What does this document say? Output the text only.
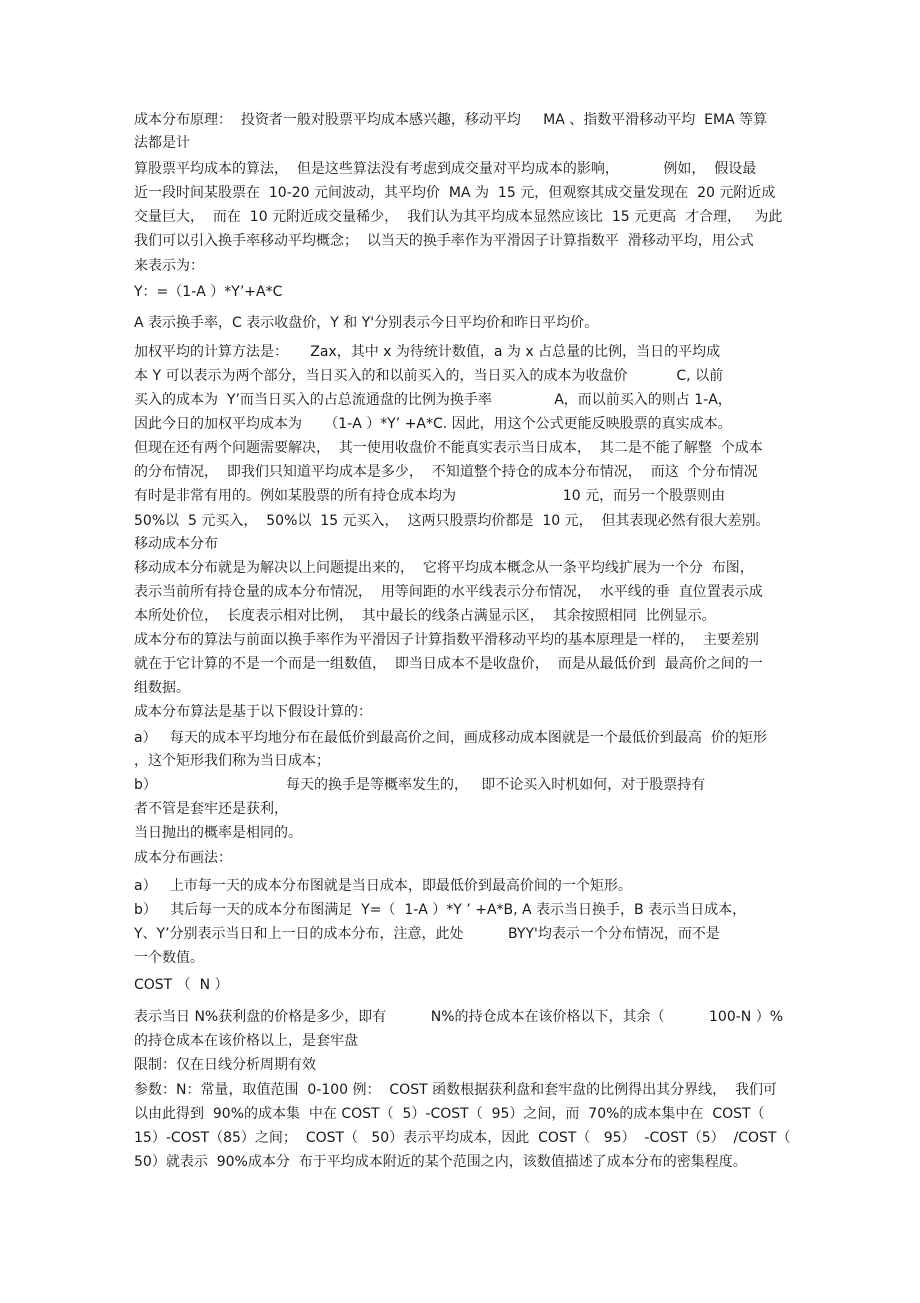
成本分布原理：  投资者一般对股票平均成本感兴趣，移动平均     MA 、指数平滑移动平均  EMA 等算
法都是计
算股票平均成本的算法，  但是这些算法没有考虑到成交量对平均成本的影响，          例如，  假设最
近一段时间某股票在  10-20 元间波动，其平均价  MA 为  15 元，但观察其成交量发现在  20 元附近成
交量巨大，  而在  10 元附近成交量稀少，  我们认为其平均成本显然应该比  15 元更高  才合理，   为此
我们可以引入换手率移动平均概念；  以当天的换手率作为平滑因子计算指数平  滑移动平均，用公式
来表示为：
Y：=（1-A ）*Y’+A*C
A 表示换手率，C 表示收盘价，Y 和 Y'分别表示今日平均价和昨日平均价。
加权平均的计算方法是：     Zax，其中 x 为待统计数值，a 为 x 占总量的比例，当日的平均成
本 Y 可以表示为两个部分，当日买入的和以前买入的，当日买入的成本为收盘价           C, 以前
买入的成本为  Y’而当日买入的占总流通盘的比例为换手率              A，而以前买入的则占 1-A，
因此今日的加权平均成本为     （1-A ）*Y’ +A*C. 因此，用这个公式更能反映股票的真实成本。
但现在还有两个问题需要解决，  其一使用收盘价不能真实表示当日成本，  其二是不能了解整  个成本
的分布情况，  即我们只知道平均成本是多少，  不知道整个持仓的成本分布情况，  而这  个分布情况
有时是非常有用的。例如某股票的所有持仓成本均为                        10 元，而另一个股票则由
50%以  5 元买入，  50%以  15 元买入，  这两只股票均价都是  10 元，  但其表现必然有很大差别。
移动成本分布
移动成本分布就是为解决以上问题提出来的，  它将平均成本概念从一条平均线扩展为一个分  布图，
表示当前所有持仓量的成本分布情况，  用等间距的水平线表示分布情况，  水平线的垂  直位置表示成
本所处价位，  长度表示相对比例，  其中最长的线条占满显示区，  其余按照相同  比例显示。
成本分布的算法与前面以换手率作为平滑因子计算指数平滑移动平均的基本原理是一样的，  主要差别
就在于它计算的不是一个而是一组数值，  即当日成本不是收盘价，  而是从最低价到  最高价之间的一
组数据。
成本分布算法是基于以下假设计算的：
a）   每天的成本平均地分布在最低价到最高价之间，画成移动成本图就是一个最低价到最高  价的矩形
，这个矩形我们称为当日成本；
b）                             每天的换手是等概率发生的，   即不论买入时机如何，对于股票持有
者不管是套牢还是获利，
当日抛出的概率是相同的。
成本分布画法：
a）   上市每一天的成本分布图就是当日成本，即最低价到最高价间的一个矩形。
b）   其后每一天的成本分布图满足  Y=（  1-A ）*Y ’ +A*B, A 表示当日换手，B 表示当日成本，
Y、Y’分别表示当日和上一日的成本分布，注意，此处          BYY'均表示一个分布情况，而不是
一个数值。
COST （  N ）
表示当日 N%获利盘的价格是多少，即有          N%的持仓成本在该价格以下，其余（          100-N ）%
的持仓成本在该价格以上，是套牢盘
限制：仅在日线分析周期有效
参数：N：常量，取值范围  0-100 例：  COST 函数根据获利盘和套牢盘的比例得出其分界线，  我们可
以由此得到  90%的成本集  中在 COST（  5）-COST（  95）之间，而  70%的成本集中在  COST（
15）-COST（85）之间；  COST（   50）表示平均成本，因此  COST（   95）  -COST（5）  /COST（
50）就表示  90%成本分  布于平均成本附近的某个范围之内，该数值描述了成本分布的密集程度。
